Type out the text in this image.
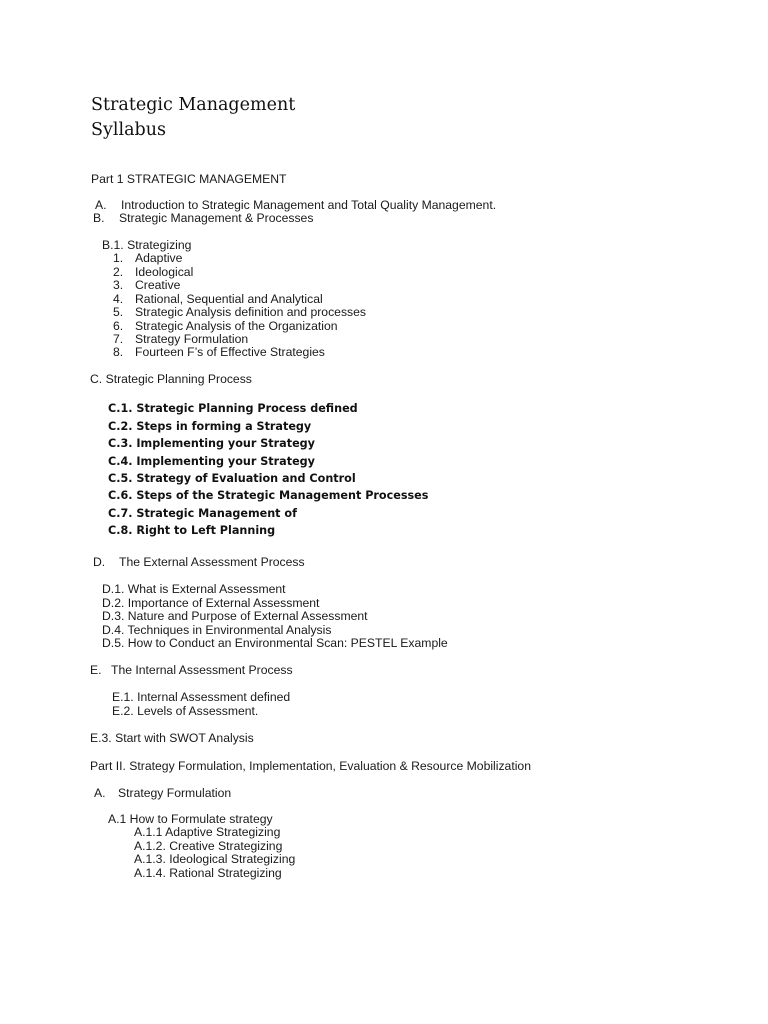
Strategic Management
Syllabus
Part 1 STRATEGIC MANAGEMENT
A. Introduction to Strategic Management and Total Quality Management.
B. Strategic Management & Processes
B.1. Strategizing
1. Adaptive
2. Ideological
3. Creative
4. Rational, Sequential and Analytical
5. Strategic Analysis definition and processes
6. Strategic Analysis of the Organization
7. Strategy Formulation
8. Fourteen F’s of Effective Strategies
C. Strategic Planning Process
C.1. Strategic Planning Process defined
C.2. Steps in forming a Strategy
C.3. Implementing your Strategy
C.4. Implementing your Strategy
C.5. Strategy of Evaluation and Control
C.6. Steps of the Strategic Management Processes
C.7. Strategic Management of
C.8. Right to Left Planning
D. The External Assessment Process
D.1. What is External Assessment
D.2. Importance of External Assessment
D.3. Nature and Purpose of External Assessment
D.4. Techniques in Environmental Analysis
D.5. How to Conduct an Environmental Scan: PESTEL Example
E. The Internal Assessment Process
E.1. Internal Assessment defined
E.2. Levels of Assessment.
E.3. Start with SWOT Analysis
Part II. Strategy Formulation, Implementation, Evaluation & Resource Mobilization
A. Strategy Formulation
A.1 How to Formulate strategy
A.1.1 Adaptive Strategizing
A.1.2. Creative Strategizing
A.1.3. Ideological Strategizing
A.1.4. Rational Strategizing
